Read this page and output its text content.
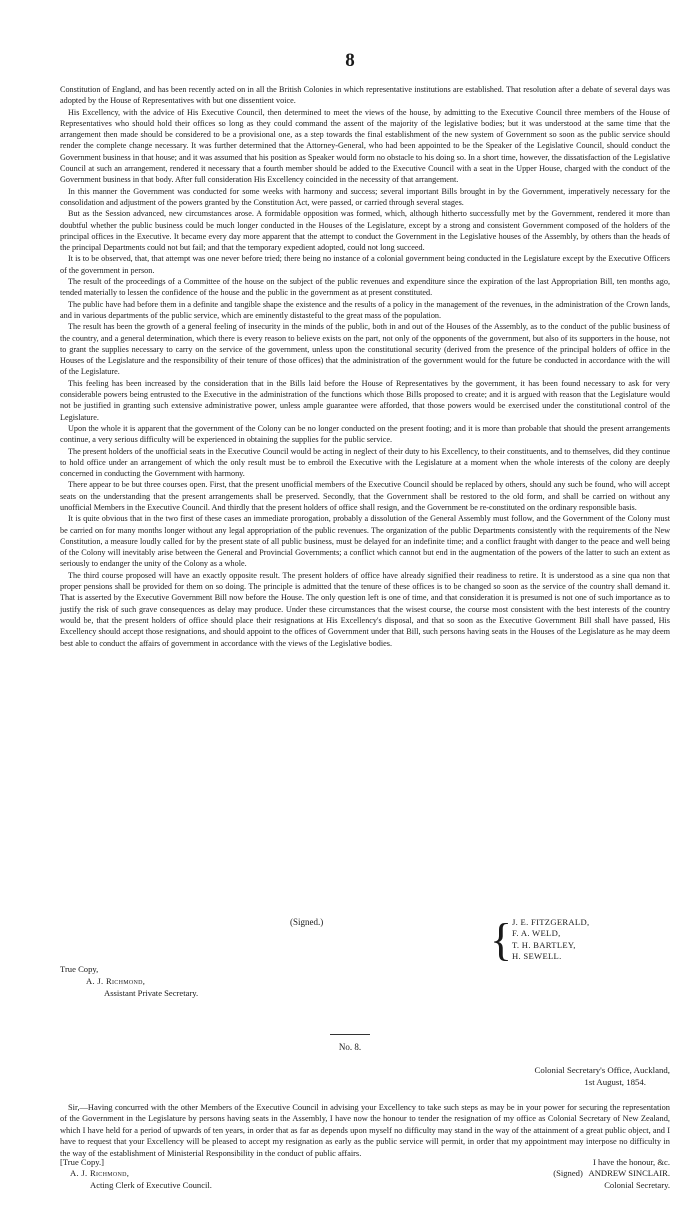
8

Constitution of England, and has been recently acted on in all the British Colonies in which representative institutions are established. That resolution after a debate of several days was adopted by the House of Representatives with but one dissentient voice.

His Excellency, with the advice of His Executive Council, then determined to meet the views of the house, by admitting to the Executive Council three members of the House of Representatives who should hold their offices so long as they could command the assent of the majority of the legislative bodies; but it was understood at the same time that the arrangement then made should be considered to be a provisional one, as a step towards the final establishment of the new system of Government so soon as the public service should render the complete change necessary. It was further determined that the Attorney-General, who had been appointed to be the Speaker of the Legislative Council, should conduct the Government business in that house; and it was assumed that his position as Speaker would form no obstacle to his doing so. In a short time, however, the dissatisfaction of the Legislative Council at such an arrangement, rendered it necessary that a fourth member should be added to the Executive Council with a seat in the Upper House, charged with the conduct of the Government business in that body. After full consideration His Excellency coincided in the necessity of that arrangement.

In this manner the Government was conducted for some weeks with harmony and success; several important Bills brought in by the Government, imperatively necessary for the consolidation and adjustment of the powers granted by the Constitution Act, were passed, or carried through several stages.

But as the Session advanced, new circumstances arose. A formidable opposition was formed, which, although hitherto successfully met by the Government, rendered it more than doubtful whether the public business could be much longer conducted in the Houses of the Legislature, except by a strong and consistent Government composed of the holders of the principal offices in the Executive. It became every day more apparent that the attempt to conduct the Government in the Legislative houses of the Assembly, by others than the heads of the principal Departments could not but fail; and that the temporary expedient adopted, could not long succeed.

It is to be observed, that, that attempt was one never before tried; there being no instance of a colonial government being conducted in the Legislature except by the Executive Officers of the government in person.

The result of the proceedings of a Committee of the house on the subject of the public revenues and expenditure since the expiration of the last Appropriation Bill, ten months ago, tended materially to lessen the confidence of the house and the public in the government as at present constituted.

The public have had before them in a definite and tangible shape the existence and the results of a policy in the management of the revenues, in the administration of the Crown lands, and in various departments of the public service, which are eminently distasteful to the great mass of the population.

The result has been the growth of a general feeling of insecurity in the minds of the public, both in and out of the Houses of the Assembly, as to the conduct of the public business of the country, and a general determination, which there is every reason to believe exists on the part, not only of the opponents of the government, but also of its supporters in the house, not to grant the supplies necessary to carry on the service of the government, unless upon the constitutional security (derived from the presence of the principal holders of office in the Houses of the Legislature and the responsibility of their tenure of those offices) that the administration of the government would for the future be conducted in accordance with the will of the Legislature.

This feeling has been increased by the consideration that in the Bills laid before the House of Representatives by the government, it has been found necessary to ask for very considerable powers being entrusted to the Executive in the administration of the functions which those Bills proposed to create; and it is argued with reason that the Legislature would not be justified in granting such extensive administrative power, unless ample guarantee were afforded, that those powers would be exercised under the constitutional control of the Legislature.

Upon the whole it is apparent that the government of the Colony can be no longer conducted on the present footing; and it is more than probable that should the present arrangements continue, a very serious difficulty will be experienced in obtaining the supplies for the public service.

The present holders of the unofficial seats in the Executive Council would be acting in neglect of their duty to his Excellency, to their constituents, and to themselves, did they continue to hold office under an arrangement of which the only result must be to embroil the Executive with the Legislature at a moment when the whole interests of the colony are deeply concerned in conducting the Government with harmony.

There appear to be but three courses open. First, that the present unofficial members of the Executive Council should be replaced by others, should any such be found, who will accept seats on the understanding that the present arrangements shall be preserved. Secondly, that the Government shall be restored to the old form, and shall be carried on without any unofficial Members in the Executive Council. And thirdly that the present holders of office shall resign, and the Government be re-constituted on the ordinary responsible basis.

It is quite obvious that in the two first of these cases an immediate prorogation, probably a dissolution of the General Assembly must follow, and the Government of the Colony must be carried on for many months longer without any legal appropriation of the public revenues. The organization of the public Departments consistently with the requirements of the New Constitution, a measure loudly called for by the present state of all public business, must be delayed for an indefinite time; and a conflict fraught with danger to the peace and well being of the Colony will inevitably arise between the General and Provincial Governments; a conflict which cannot but end in the augmentation of the powers of the latter to such an extent as seriously to endanger the unity of the Colony as a whole.

The third course proposed will have an exactly opposite result. The present holders of office have already signified their readiness to retire. It is understood as a sine qua non that proper pensions shall be provided for them on so doing. The principle is admitted that the tenure of these offices is to be changed so soon as the service of the country shall demand it. That is asserted by the Executive Government Bill now before the House. The only question left is one of time, and that consideration it is presumed is not one of such importance as to justify the risk of such grave consequences as delay may produce. Under these circumstances that the wisest course, the course most consistent with the best interests of the country would be, that the present holders of office should place their resignations at His Excellency's disposal, and that so soon as the Executive Government Bill shall have passed, His Excellency should accept those resignations, and should appoint to the offices of Government under that Bill, such persons having seats in the Houses of the Legislature as he may deem best able to conduct the affairs of government in accordance with the views of the Legislative bodies.

(Signed.)	{ J. E. FITZGERALD,
F. A. WELD,
T. H. BARTLEY,
H. SEWELL.
True Copy,
A. J. Richmond,
Assistant Private Secretary.
No. 8.
Colonial Secretary's Office, Auckland,
1st August, 1854.

Sir,—Having concurred with the other Members of the Executive Council in advising your Excellency to take such steps as may be in your power for securing the representation of the Government in the Legislature by persons having seats in the Assembly, I have now the honour to tender the resignation of my office as Colonial Secretary of New Zealand, which I have held for a period of upwards of ten years, in order that as far as depends upon myself no difficulty may stand in the way of the attainment of a great public object, and I have to request that your Excellency will be pleased to accept my resignation as early as the public service will permit, in order that my appointment may interpose no difficulty in the way of the establishment of Ministerial Responsibility in the conduct of public affairs.

[True Copy.]
A. J. Richmond,
Acting Clerk of Executive Council.
I have the honour, &c.
(Signed) ANDREW SINCLAIR.
Colonial Secretary.
